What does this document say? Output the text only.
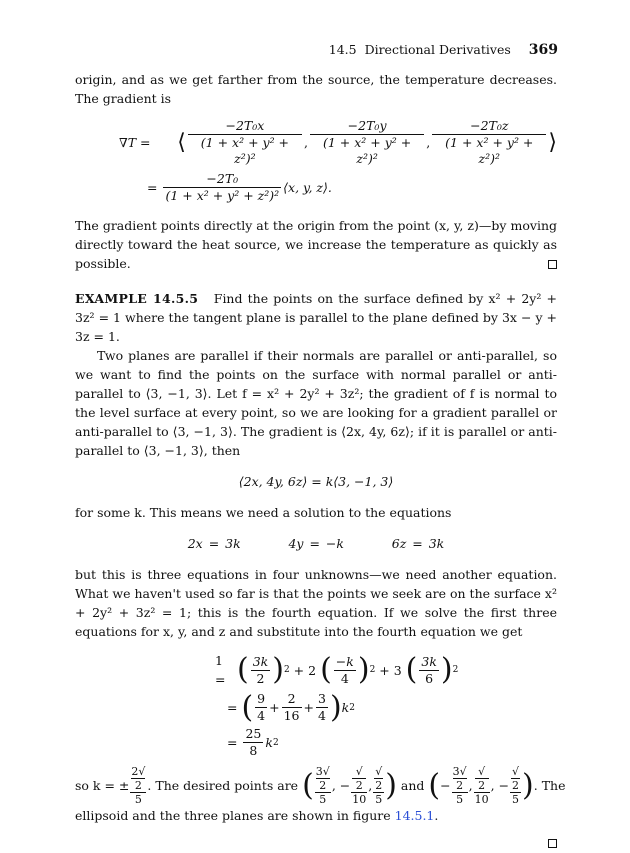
14.5 Directional Derivatives 369

origin, and as we get farther from the source, the temperature decreases. The gradient is

∇T =	⟨ $\frac{\text{−2T₀x}}{\text{(1 + x² + y² + z²)²}}$ , $\frac{\text{−2T₀y}}{\text{(1 + x² + y² + z²)²}}$ , $\frac{\text{−2T₀z}}{\text{(1 + x² + y² + z²)²}}$ ⟩
= $\frac{\text{−2T₀}}{\text{(1 + x² + y² + z²)²}}$ ⟨x, y, z⟩.

The gradient points directly at the origin from the point (x, y, z)—by moving directly toward the heat source, we increase the temperature as quickly as possible.

EXAMPLE 14.5.5 Find the points on the surface defined by x² + 2y² + 3z² = 1 where the tangent plane is parallel to the plane defined by 3x − y + 3z = 1.

Two planes are parallel if their normals are parallel or anti-parallel, so we want to find the points on the surface with normal parallel or anti-parallel to ⟨3, −1, 3⟩. Let f = x² + 2y² + 3z²; the gradient of f is normal to the level surface at every point, so we are looking for a gradient parallel or anti-parallel to ⟨3, −1, 3⟩. The gradient is ⟨2x, 4y, 6z⟩; if it is parallel or anti-parallel to ⟨3, −1, 3⟩, then

⟨2x, 4y, 6z⟩ = k⟨3, −1, 3⟩

for some k. This means we need a solution to the equations

2x = 3k	4y = −k	6z = 3k

but this is three equations in four unknowns—we need another equation. What we haven't used so far is that the points we seek are on the surface x² + 2y² + 3z² = 1; this is the fourth equation. If we solve the first three equations for x, y, and z and substitute into the fourth equation we get

1 = ( $\frac{3k}{2}$ ) 2 + 2 ( $\frac{-k}{4}$ ) 2 + 3 ( $\frac{3k}{6}$ ) 2
= ( $\frac{9}{4} + \frac{2}{16} + \frac{3}{4}$ ) k 2
= $\frac{25}{8}$ k 2
so k = ± 2√
2
5 . The desired points are
( 3√
2
5
, −
√
2
10
,
√
2
5 )
and
( −
3√
2
5
,
√
2
10
, −
√
2
5 ) . The

ellipsoid and the three planes are shown in figure 14.5.1.
